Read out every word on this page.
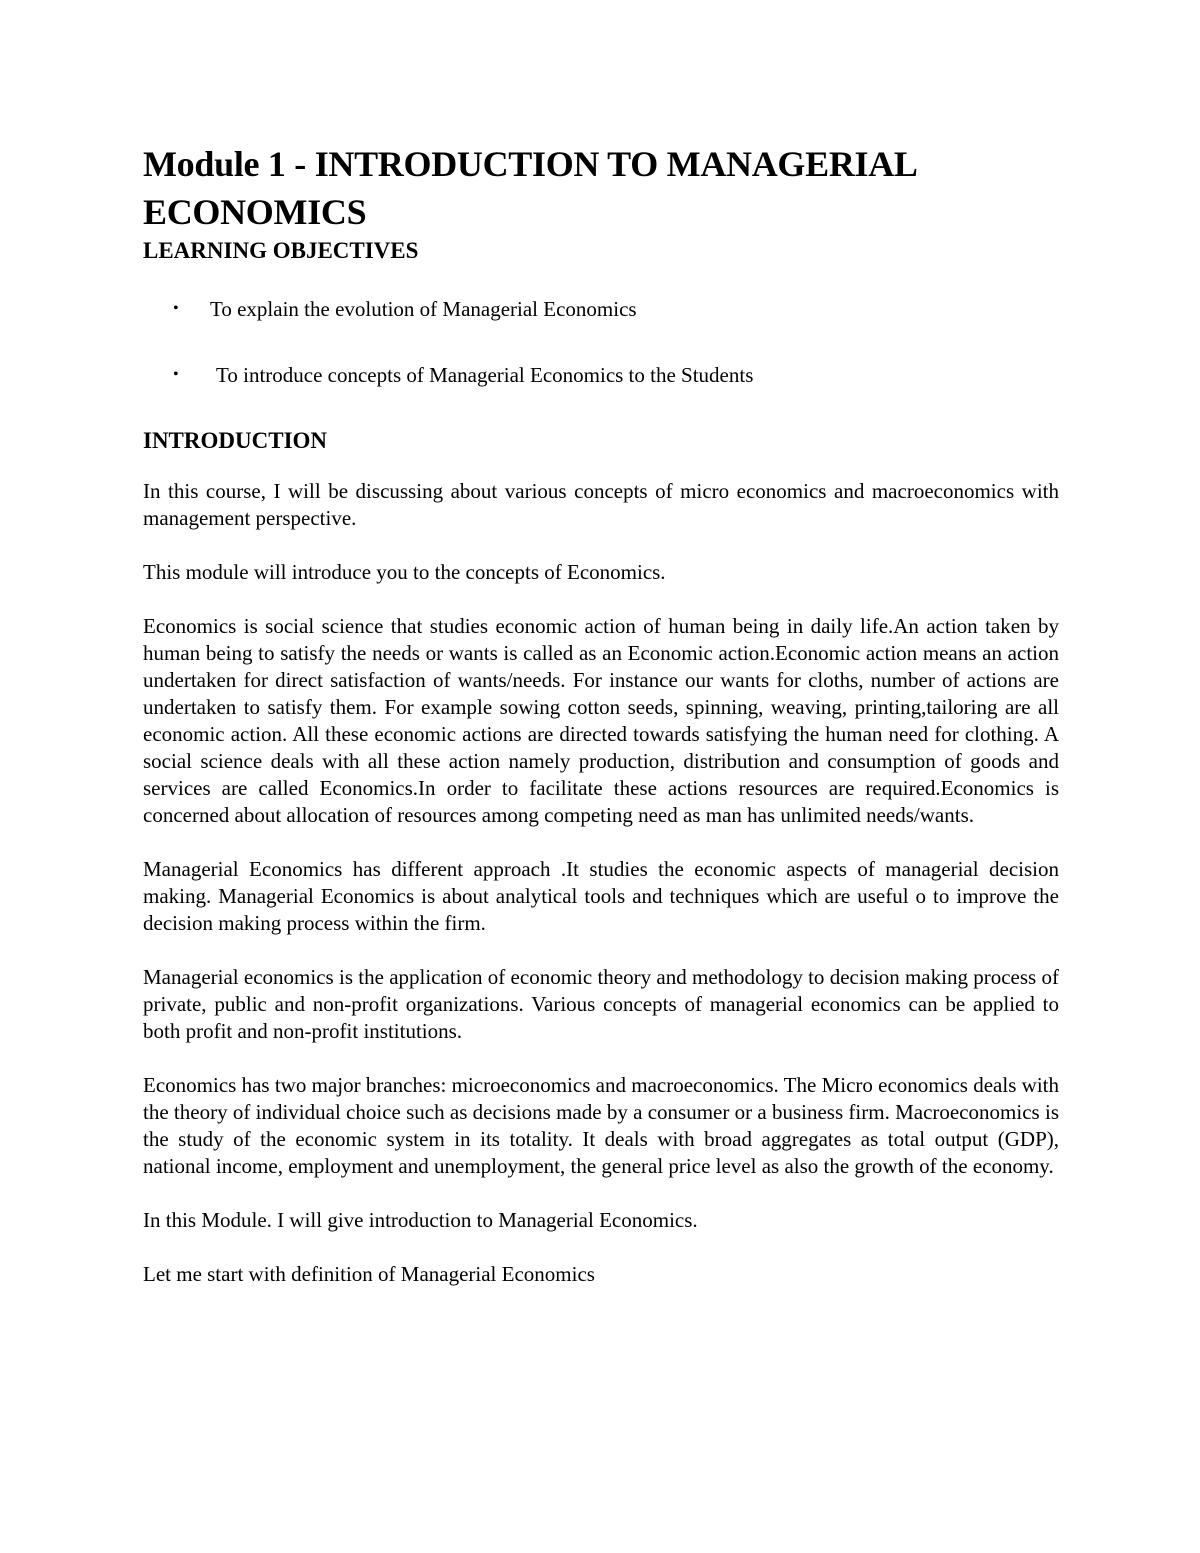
Module 1 - INTRODUCTION TO MANAGERIAL
ECONOMICS
LEARNING OBJECTIVES
• To explain the evolution of Managerial Economics
• To introduce concepts of Managerial Economics to the Students
INTRODUCTION

In this course, I will be discussing about various concepts of micro economics and macroeconomics with management perspective.

This module will introduce you to the concepts of Economics.

Economics is social science that studies economic action of human being in daily life.An action taken by human being to satisfy the needs or wants is called as an Economic action.Economic action means an action undertaken for direct satisfaction of wants/needs. For instance our wants for cloths, number of actions are undertaken to satisfy them. For example sowing cotton seeds, spinning, weaving, printing,tailoring are all economic action. All these economic actions are directed towards satisfying the human need for clothing. A social science deals with all these action namely production, distribution and consumption of goods and services are called Economics.In order to facilitate these actions resources are required.Economics is concerned about allocation of resources among competing need as man has unlimited needs/wants.

Managerial Economics has different approach .It studies the economic aspects of managerial decision making. Managerial Economics is about analytical tools and techniques which are useful o to improve the decision making process within the firm.

Managerial economics is the application of economic theory and methodology to decision making process of private, public and non-profit organizations. Various concepts of managerial economics can be applied to both profit and non-profit institutions.

Economics has two major branches: microeconomics and macroeconomics. The Micro economics deals with the theory of individual choice such as decisions made by a consumer or a business firm. Macroeconomics is the study of the economic system in its totality. It deals with broad aggregates as total output (GDP), national income, employment and unemployment, the general price level as also the growth of the economy.

In this Module. I will give introduction to Managerial Economics.

Let me start with definition of Managerial Economics
